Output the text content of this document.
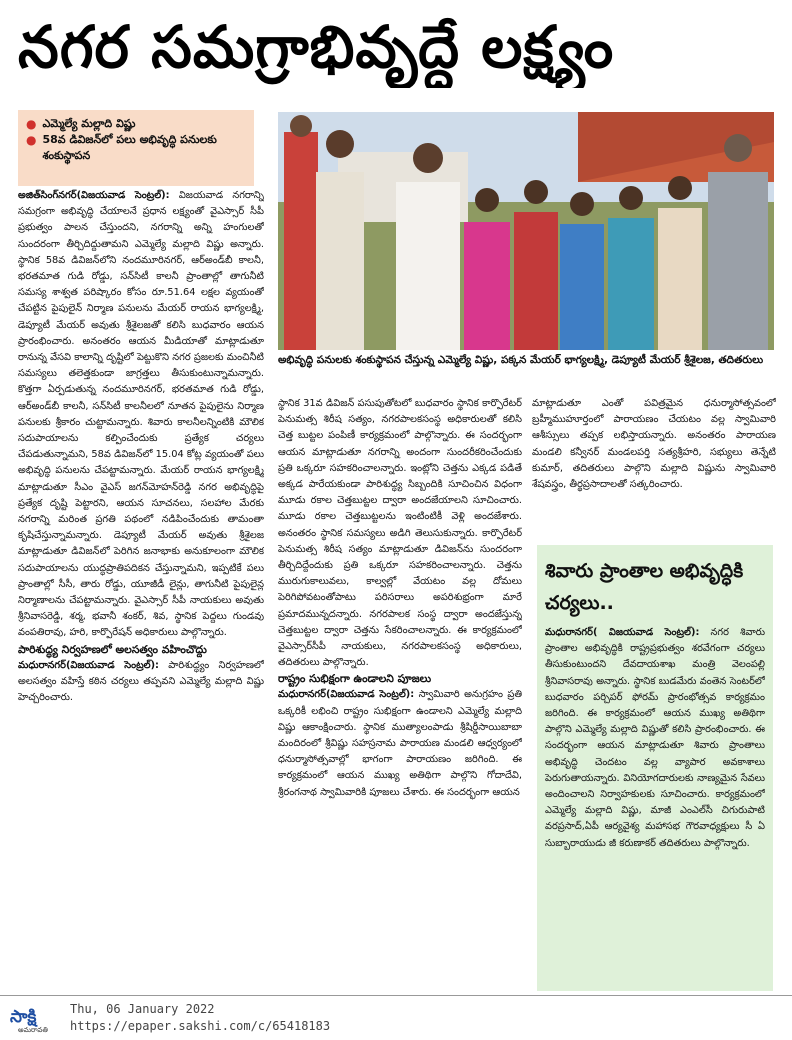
నగర సమగ్రాభివృద్ధే లక్ష్యం
● ఎమ్మెల్యే మల్లాది విష్ణు
● 58వ డివిజన్‌లో పలు అభివృద్ధి పనులకు శంకుస్థాపన
అభివృద్ధి పనులకు శంకుస్థాపన చేస్తున్న ఎమ్మెల్యే విష్ణు, పక్కన మేయర్ భాగ్యలక్ష్మి, డెప్యూటీ మేయర్ శ్రీశైలజ, తదితరులు

అజిత్‌సింగ్‌నగర్(విజయవాడ సెంట్రల్): విజయవాడ నగరాన్ని సమగ్రంగా అభివృద్ధి చేయాలనే ప్రధాన లక్ష్యంతో వైఎస్సార్ సీపీ ప్రభుత్వం పాలన చేస్తుందని, నగరాన్ని అన్ని హంగులతో సుందరంగా తీర్చిదిద్దుతామని ఎమ్మెల్యే మల్లాది విష్ణు అన్నారు. స్థానిక 58వ డివిజన్‌లోని నందమూరినగర్, ఆర్‌అండ్‌బీ కాలనీ, భరతమాత గుడి రోడ్డు, సన్‌సిటీ కాలనీ ప్రాంతాల్లో తాగునీటి సమస్య శాశ్వత పరిష్కారం కోసం రూ.51.64 లక్షల వ్యయంతో చేపట్టిన పైపులైన్ నిర్మాణ పనులను మేయర్ రాయన భాగ్యలక్ష్మి, డెప్యూటీ మేయర్ అవుతు శ్రీశైలజతో కలిసి బుధవారం ఆయన ప్రారంభించారు. అనంతరం ఆయన మీడియాతో మాట్లాడుతూ రానున్న వేసవి కాలాన్ని దృష్టిలో పెట్టుకొని నగర ప్రజలకు మంచినీటి సమస్యలు తలెత్తకుండా జాగ్రత్తలు తీసుకుంటున్నామన్నారు. కొత్తగా ఏర్పడుతున్న నందమూరినగర్, భరతమాత గుడి రోడ్డు, ఆర్‌అండ్‌బీ కాలనీ, సన్‌సిటీ కాలనీలలో నూతన పైపులైను నిర్మాణ పనులకు శ్రీకారం చుట్టామన్నారు. శివారు కాలనీలన్నింటికి మౌలిక సదుపాయాలను కల్పించేందుకు ప్రత్యేక చర్యలు చేపడుతున్నామని, 58వ డివిజన్‌లో 15.04 కోట్ల వ్యయంతో పలు అభివృద్ధి పనులను చేపట్టామన్నారు. మేయర్ రాయన భాగ్యలక్ష్మి మాట్లాడుతూ సీఎం వైఎస్ జగన్‌మోహన్‌రెడ్డి నగర అభివృద్ధిపై ప్రత్యేక దృష్టి పెట్టారని, ఆయన సూచనలు, సలహాల మేరకు నగరాన్ని మరింత ప్రగతి పథంలో నడిపించేందుకు తామంతా కృషిచేస్తున్నామన్నారు. డెప్యూటీ మేయర్ అవుతు శ్రీశైలజ మాట్లాడుతూ డివిజన్‌లో పెరిగిన జనాభాకు అనుకూలంగా మౌలిక సదుపాయాలను యుద్ధప్రాతిపదికన చేస్తున్నామని, ఇప్పటికే పలు ప్రాంతాల్లో సీసీ, తారు రోడ్డు, యూజీడీ లైన్లు, తాగునీటి పైపులైన్ల నిర్మాణాలను చేపట్టామన్నారు. వైఎస్సార్ సీపీ నాయకులు అవుతు శ్రీనివాసరెడ్డి, శర్మ, భవానీ శంకర్, శివ, స్థానిక పెద్దలు గుండవు వంపతిరావు, హరి, కార్పొరేషన్ అధికారులు పాల్గొన్నారు.

పారిశుద్ధ్య నిర్వహణలో అలసత్వం వహించొద్దు

మధురానగర్(విజయవాడ సెంట్రల్): పారిశుద్ధ్యం నిర్వహణలో అలసత్వం వహిస్తే కఠిన చర్యలు తప్పవని ఎమ్మెల్యే మల్లాది విష్ణు హెచ్చరించారు.

స్థానిక 31వ డివిజన్ పసుపుతోటలో బుధవారం స్థానిక కార్పొరేటర్ పెనుమత్స శిరీష సత్యం, నగరపాలకసంస్థ అధికారులతో కలిసి చెత్త బుట్టల పంపిణీ కార్యక్రమంలో పాల్గొన్నారు. ఈ సందర్భంగా ఆయన మాట్లాడుతూ నగరాన్ని అందంగా సుందరీకరించేందుకు ప్రతి ఒక్కరూ సహకరించాలన్నారు. ఇంట్లోని చెత్తను ఎక్కడ పడితే అక్కడ పారేయకుండా పారిశుద్ధ్య సిబ్బందికి సూచించిన విధంగా మూడు రకాల చెత్తబుట్టల ద్వారా అందజేయాలని సూచించారు. మూడు రకాల చెత్తబుట్టలను ఇంటింటికీ వెళ్లి అందజేశారు. అనంతరం స్థానిక సమస్యలు అడిగి తెలుసుకున్నారు. కార్పొరేటర్ పెనుమత్స శిరీష సత్యం మాట్లాడుతూ డివిజన్‌ను సుందరంగా తీర్చిదిద్దేందుకు ప్రతి ఒక్కరూ సహకరించాలన్నారు. చెత్తను మురుగుకాలువలు, కాల్వల్లో వేయటం వల్ల దోమలు పెరిగిపోవటంతోపాటు పరిసరాలు అపరిశుభ్రంగా మారే ప్రమాదమున్నదన్నారు. నగరపాలక సంస్థ ద్వారా అందజేస్తున్న చెత్తబుట్టల ద్వారా చెత్తను సేకరించాలన్నారు. ఈ కార్యక్రమంలో వైఎస్సార్‌సీపీ నాయకులు, నగరపాలకసంస్థ అధికారులు, తదితరులు పాల్గొన్నారు.

రాష్ట్రం సుభిక్షంగా ఉండాలని పూజలు

మధురానగర్(విజయవాడ సెంట్రల్): స్వామివారి అనుగ్రహం ప్రతి ఒక్కరికీ లభించి రాష్ట్రం సుభిక్షంగా ఉండాలని ఎమ్మెల్యే మల్లాది విష్ణు ఆకాంక్షించారు. స్థానిక ముత్యాలంపాడు శ్రీషిర్డీసాయిబాబా మందిరంలో శ్రీవిష్ణు సహస్రనామ పారాయణ మండలి ఆధ్వర్యంలో ధనుర్మాసోత్సవాల్లో భాగంగా పారాయణం జరిగింది. ఈ కార్యక్రమంలో ఆయన ముఖ్య అతిథిగా పాల్గొని గోదాదేవి, శ్రీరంగనాథ స్వామివారికి పూజలు చేశారు. ఈ సందర్భంగా ఆయన

మాట్లాడుతూ ఎంతో పవిత్రమైన ధనుర్మాసోత్సవంలో బ్రహ్మీముహూర్తంలో పారాయణం చేయటం వల్ల స్వామివారి ఆశీస్సులు తప్పక లభిస్తాయన్నారు. అనంతరం పారాయణ మండలి కన్వీనర్ మండలపర్తి సత్యశ్రీహరి, సభ్యులు తెన్నేటి కుమార్, తదితరులు పాల్గొని మల్లాది విష్ణును స్వామివారి శేషవస్త్రం, తీర్థప్రసాదాలతో సత్కరించారు.

శివారు ప్రాంతాల అభివృద్ధికి చర్యలు..

మధురానగర్( విజయవాడ సెంట్రల్): నగర శివారు ప్రాంతాల అభివృద్ధికి రాష్ట్రప్రభుత్వం శరవేగంగా చర్యలు తీసుకుంటుందని దేవదాయశాఖ మంత్రి వెలంపల్లి శ్రీనివాసరావు అన్నారు. స్థానిక బుడమేరు వంతెన సెంటర్‌లో బుధవారం పర్చిపర్ ఫోరమ్ ప్రారంభోత్సవ కార్యక్రమం జరిగింది. ఈ కార్యక్రమంలో ఆయన ముఖ్య అతిథిగా పాల్గొని ఎమ్మెల్యే మల్లాది విష్ణుతో కలిసి ప్రారంభించారు. ఈ సందర్భంగా ఆయన మాట్లాడుతూ శివారు ప్రాంతాలు అభివృద్ధి చెందటం వల్ల వ్యాపార అవకాశాలు పెరుగుతాయన్నారు. వినియోగదారులకు నాణ్యమైన సేవలు అందించాలని నిర్వాహకులకు సూచించారు. కార్యక్రమంలో ఎమ్మెల్యే మల్లాది విష్ణు, మాజీ ఎంఎల్‌సీ చిగురుపాటి వరప్రసాద్,ఏపీ ఆర్యవైశ్య మహాసభ గౌరవాధ్యక్షులు సీ ఏ సుబ్బారాయుడు జీ కరుణాకర్ తదితరులు పాల్గొన్నారు.

సాక్షి
అమరావతి
Thu, 06 January 2022
https://epaper.sakshi.com/c/65418183
